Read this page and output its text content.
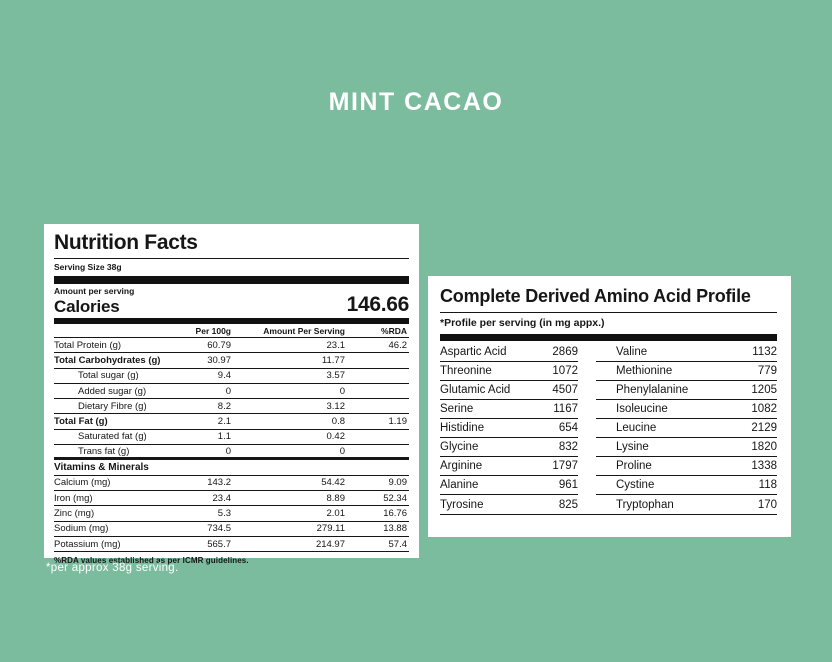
MINT CACAO
Nutrition Facts
Serving Size 38g
Amount per serving
Calories	146.66
Per 100g	Amount Per Serving	%RDA
Total Protein (g)	60.79	23.1	46.2
Total Carbohydrates (g)	30.97	11.77
Total sugar (g)	9.4	3.57
Added sugar (g)	0	0
Dietary Fibre (g)	8.2	3.12
Total Fat (g)	2.1	0.8	1.19
Saturated fat (g)	1.1	0.42
Trans fat (g)	0	0
Vitamins & Minerals
Calcium (mg)	143.2	54.42	9.09
Iron (mg)	23.4	8.89	52.34
Zinc (mg)	5.3	2.01	16.76
Sodium (mg)	734.5	279.11	13.88
Potassium (mg)	565.7	214.97	57.4
%RDA values established as per ICMR guidelines.
Complete Derived Amino Acid Profile
*Profile per serving (in mg appx.)
Aspartic Acid	2869
Threonine	1072
Glutamic Acid	4507
Serine	1167
Histidine	654
Glycine	832
Arginine	1797
Alanine	961
Tyrosine	825
Valine	1132
Methionine	779
Phenylalanine	1205
Isoleucine	1082
Leucine	2129
Lysine	1820
Proline	1338
Cystine	118
Tryptophan	170
*per approx 38g serving.
